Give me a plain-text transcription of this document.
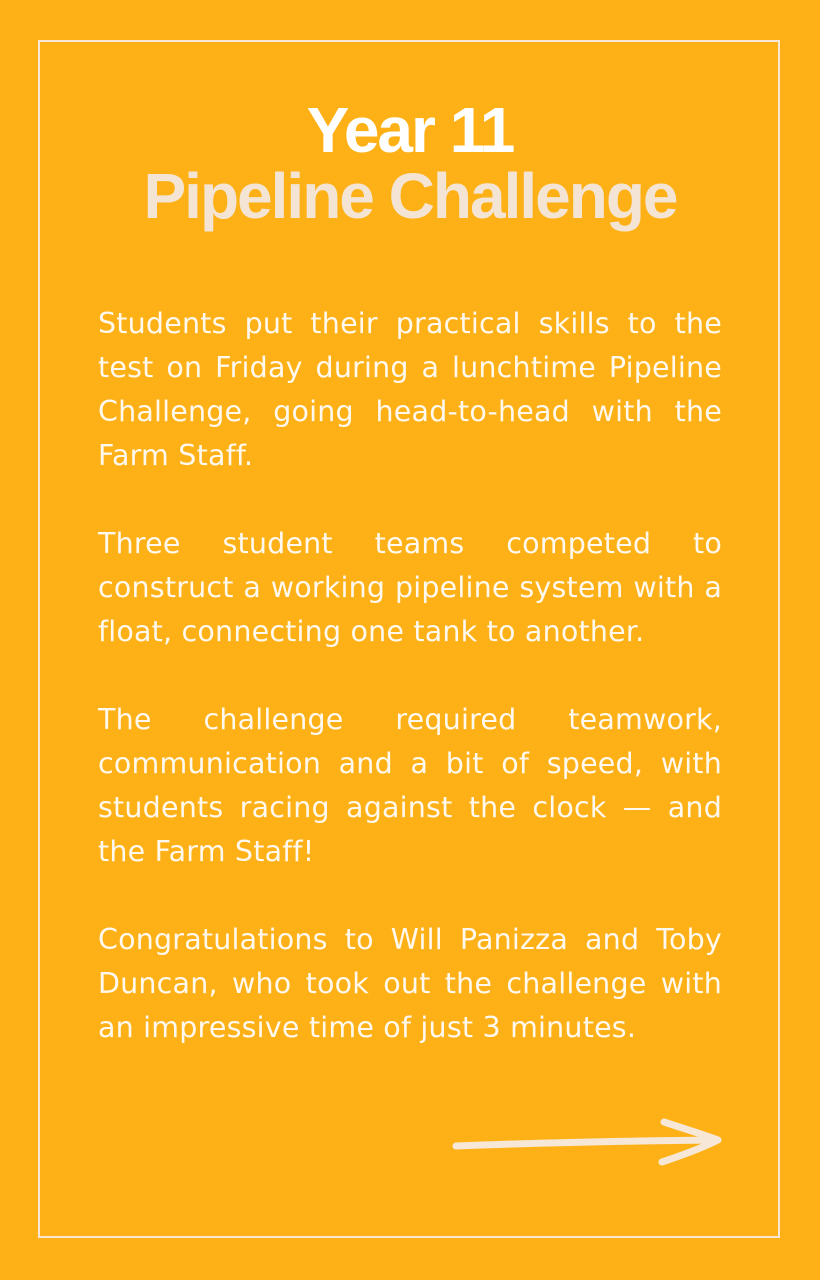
Year 11
Pipeline Challenge

Students put their practical skills to the test on Friday during a lunchtime Pipeline Challenge, going head-to-head with the Farm Staff.

Three student teams competed to construct a working pipeline system with a float, connecting one tank to another.

The challenge required teamwork, communication and a bit of speed, with students racing against the clock — and the Farm Staff!

Congratulations to Will Panizza and Toby Duncan, who took out the challenge with an impressive time of just 3 minutes.
